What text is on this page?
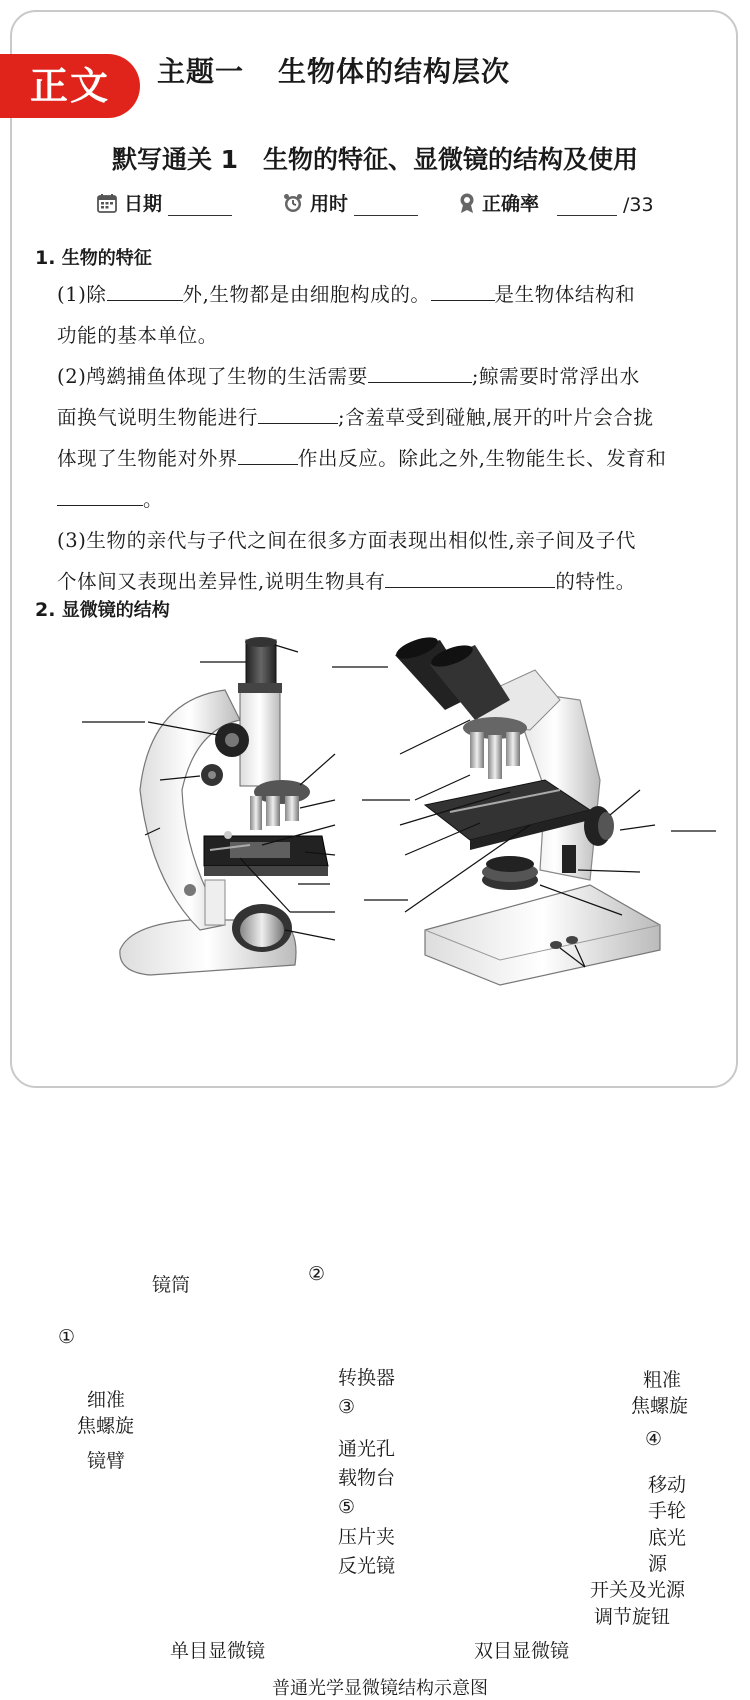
正文	主题一 生物体的结构层次
默写通关 1　生物的特征、显微镜的结构及使用
日期	用时	正确率	/33
1. 生物的特征
(1)除	外,生物都是由细胞构成的。	是生物体结构和
功能的基本单位。
(2)鸬鹚捕鱼体现了生物的生活需要	;鲸需要时常浮出水
面换气说明生物能进行	;含羞草受到碰触,展开的叶片会合拢
体现了生物能对外界	作出反应。除此之外,生物能生长、发育和
。
(3)生物的亲代与子代之间在很多方面表现出相似性,亲子间及子代
个体间又表现出差异性,说明生物具有	的特性。
2. 显微镜的结构
镜筒	②
①
细准
焦螺旋
镜臂
转换器
③
通光孔
载物台
⑤
压片夹
反光镜
粗准
焦螺旋
④
移动
手轮
底光
源
开关及光源
调节旋钮
单目显微镜	双目显微镜
普通光学显微镜结构示意图
